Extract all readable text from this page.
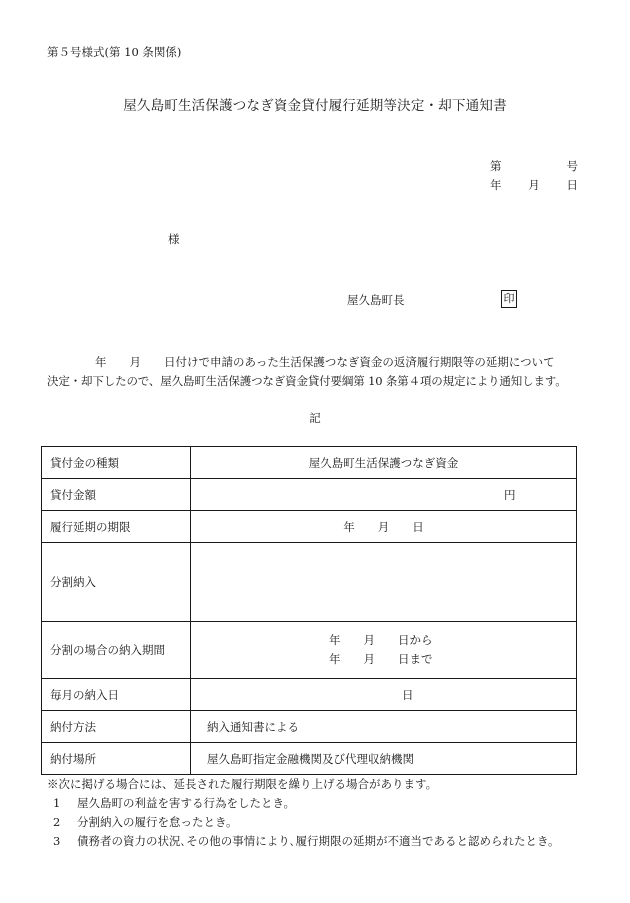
第５号様式(第 10 条関係)
屋久島町生活保護つなぎ資金貸付履行延期等決定・却下通知書
第	号
年 月 日
様
屋久島町長	印
年　　月　　日付けで申請のあった生活保護つなぎ資金の返済履行期限等の延期について
決定・却下したので、屋久島町生活保護つなぎ資金貸付要綱第 10 条第４項の規定により通知します。
記
貸付金の種類	屋久島町生活保護つなぎ資金
貸付金額	円
履行延期の期限	年　　月　　日
分割納入	
分割の場合の納入期間	年　　月　　日から
年　　月　　日まで

毎月の納入日	日
納付方法	納入通知書による
納付場所	屋久島町指定金融機関及び代理収納機関
※次に掲げる場合には、延長された履行期限を繰り上げる場合があります。
1 屋久島町の利益を害する行為をしたとき。
2 分割納入の履行を怠ったとき。
3 債務者の資力の状況､その他の事情により､履行期限の延期が不適当であると認められたとき。
